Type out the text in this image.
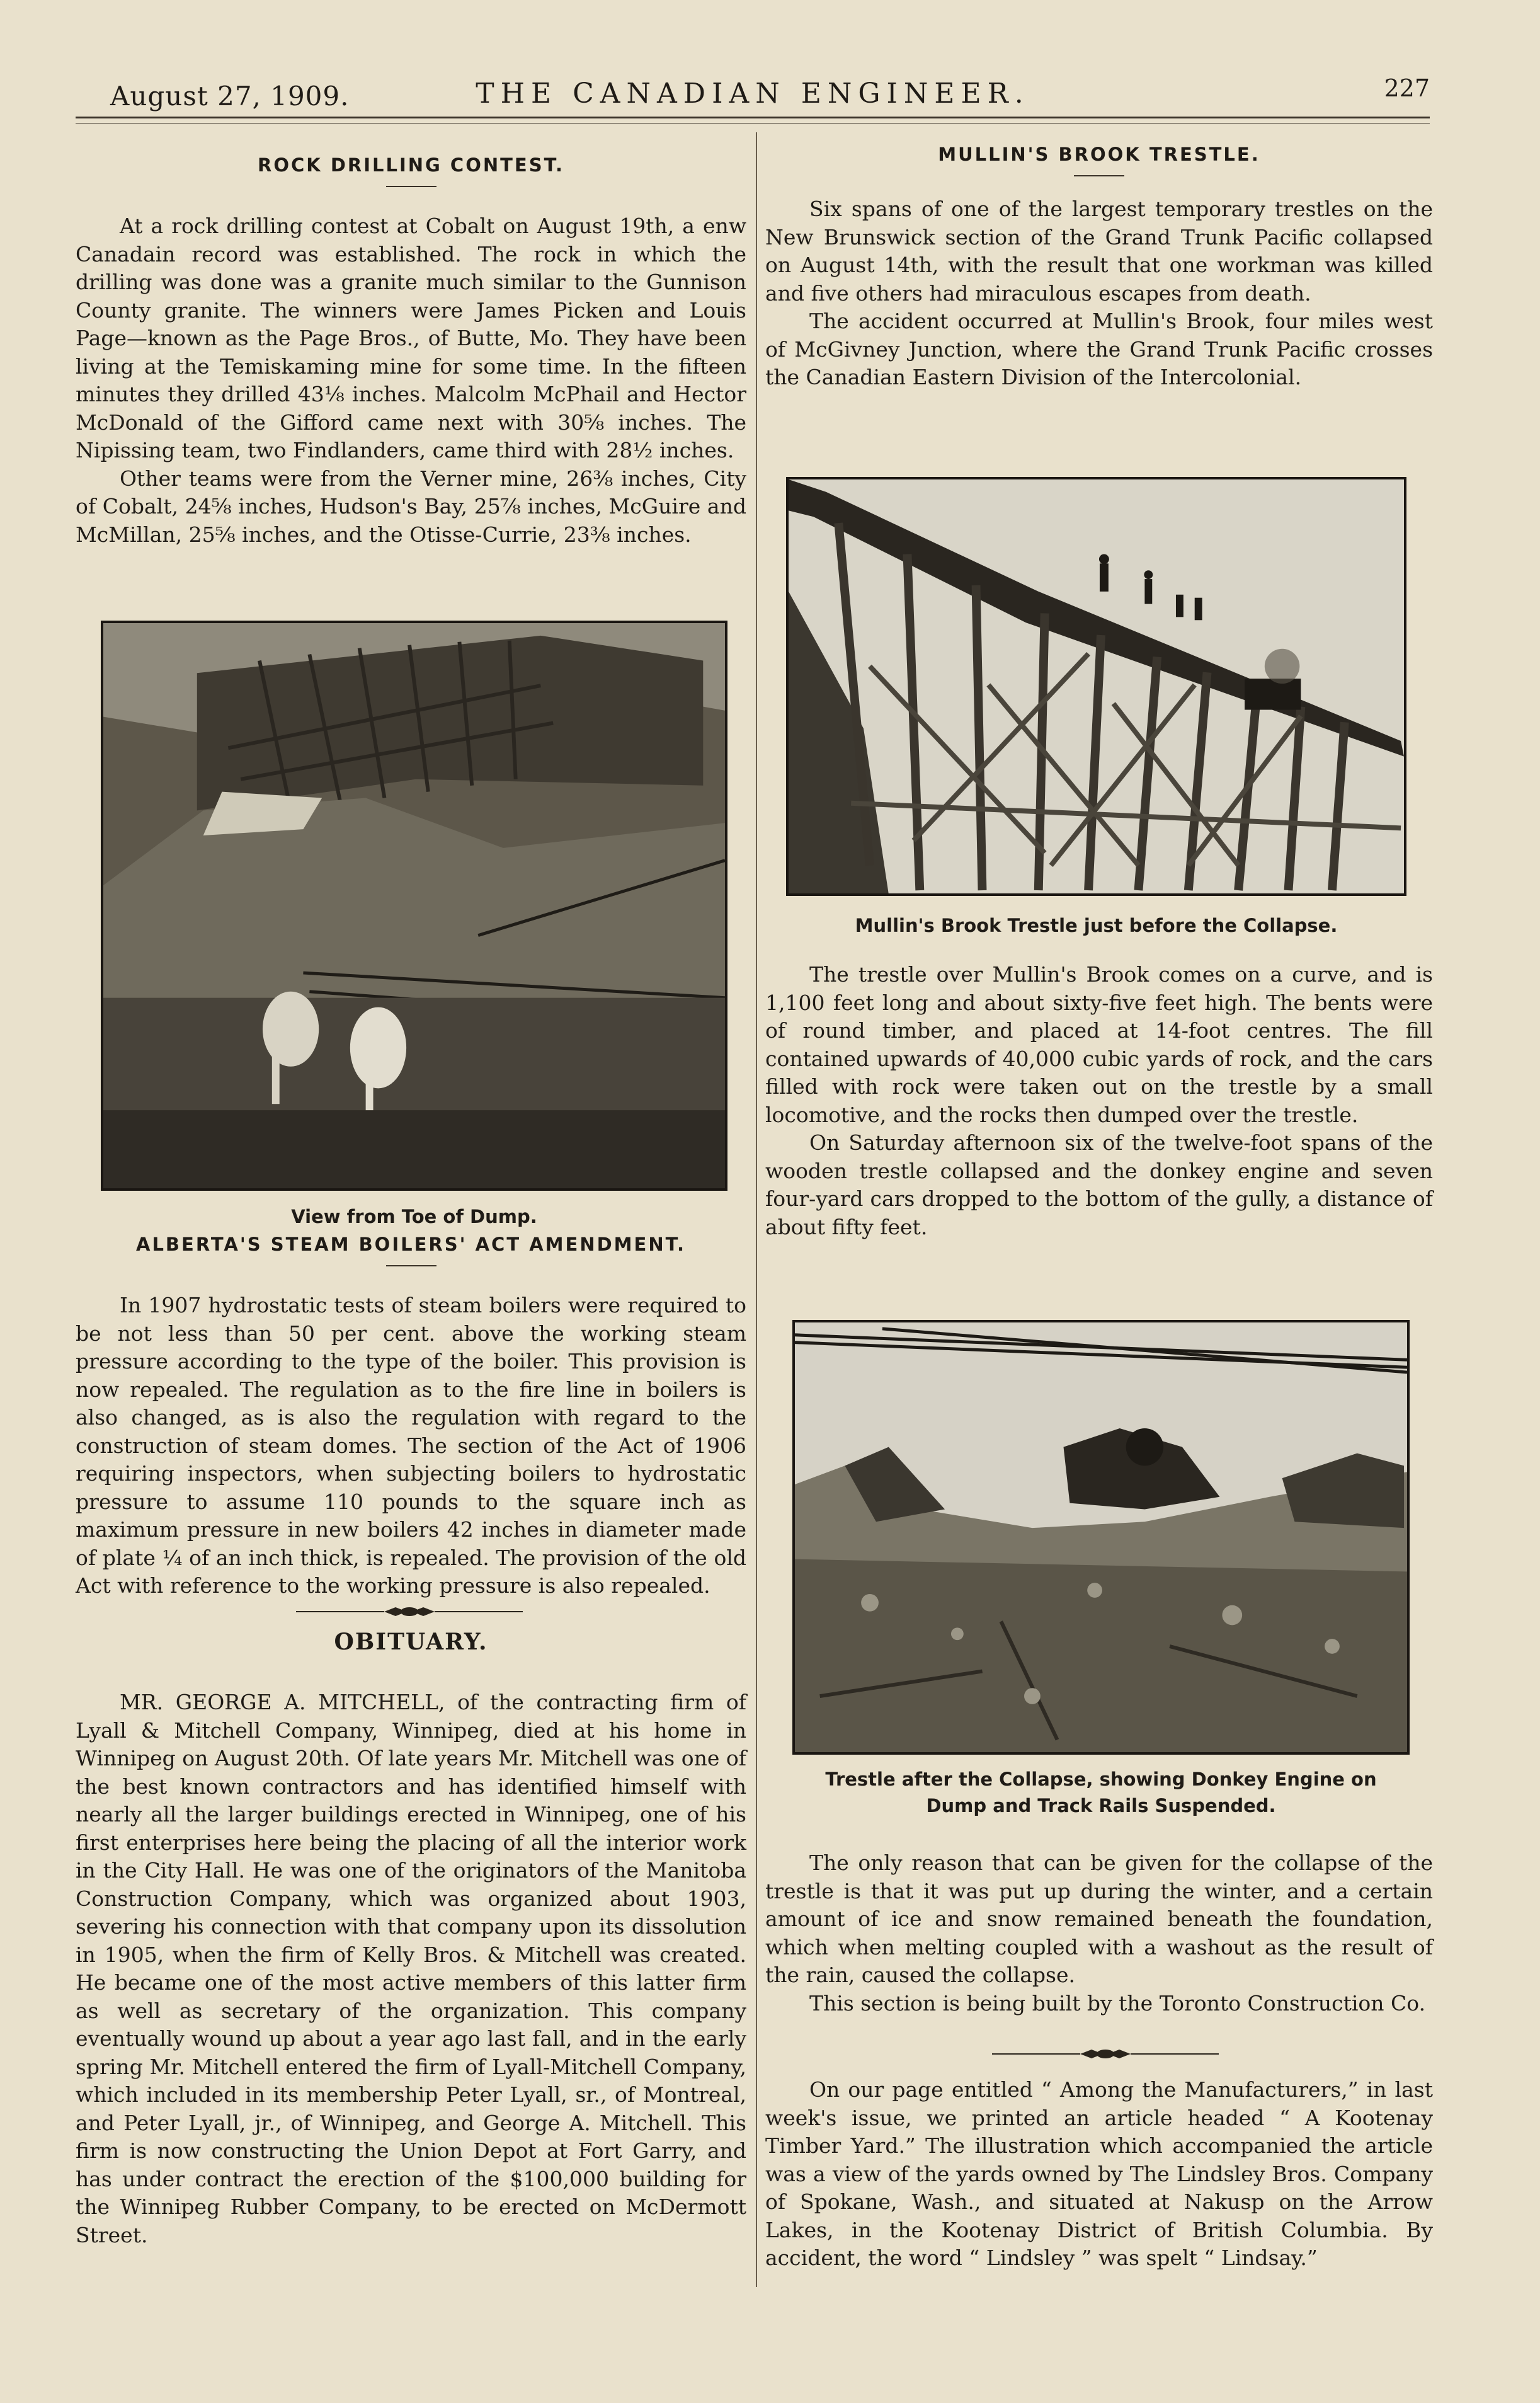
August 27, 1909.	THE CANADIAN ENGINEER.	227
ROCK DRILLING CONTEST.

At a rock drilling contest at Cobalt on August 19th, a enw Canadain record was established. The rock in which the drilling was done was a granite much similar to the Gunnison County granite. The winners were James Picken and Louis Page—known as the Page Bros., of Butte, Mo. They have been living at the Temiskaming mine for some time. In the fifteen minutes they drilled 43⅛ inches. Malcolm McPhail and Hector McDonald of the Gifford came next with 30⅝ inches. The Nipissing team, two Findlanders, came third with 28½ inches.

Other teams were from the Verner mine, 26⅜ inches, City of Cobalt, 24⅝ inches, Hudson's Bay, 25⅞ inches, McGuire and McMillan, 25⅝ inches, and the Otisse-Currie, 23⅜ inches.

View from Toe of Dump.
ALBERTA'S STEAM BOILERS' ACT AMENDMENT.

In 1907 hydrostatic tests of steam boilers were required to be not less than 50 per cent. above the working steam pressure according to the type of the boiler. This provision is now repealed. The regulation as to the fire line in boilers is also changed, as is also the regulation with regard to the construction of steam domes. The section of the Act of 1906 requiring inspectors, when subjecting boilers to hydrostatic pressure to assume 110 pounds to the square inch as maximum pressure in new boilers 42 inches in diameter made of plate ¼ of an inch thick, is repealed. The provision of the old Act with reference to the working pressure is also repealed.

OBITUARY.

MR. GEORGE A. MITCHELL, of the contracting firm of Lyall & Mitchell Company, Winnipeg, died at his home in Winnipeg on August 20th. Of late years Mr. Mitchell was one of the best known contractors and has identified himself with nearly all the larger buildings erected in Winnipeg, one of his first enterprises here being the placing of all the interior work in the City Hall. He was one of the originators of the Manitoba Construction Company, which was organized about 1903, severing his connection with that company upon its dissolution in 1905, when the firm of Kelly Bros. & Mitchell was created. He became one of the most active members of this latter firm as well as secretary of the organization. This company eventually wound up about a year ago last fall, and in the early spring Mr. Mitchell entered the firm of Lyall-Mitchell Company, which included in its membership Peter Lyall, sr., of Montreal, and Peter Lyall, jr., of Winnipeg, and George A. Mitchell. This firm is now constructing the Union Depot at Fort Garry, and has under contract the erection of the $100,000 building for the Winnipeg Rubber Company, to be erected on McDermott Street.

MULLIN'S BROOK TRESTLE.

Six spans of one of the largest temporary trestles on the New Brunswick section of the Grand Trunk Pacific collapsed on August 14th, with the result that one workman was killed and five others had miraculous escapes from death.

The accident occurred at Mullin's Brook, four miles west of McGivney Junction, where the Grand Trunk Pacific crosses the Canadian Eastern Division of the Intercolonial.

Mullin's Brook Trestle just before the Collapse.

The trestle over Mullin's Brook comes on a curve, and is 1,100 feet long and about sixty-five feet high. The bents were of round timber, and placed at 14-foot centres. The fill contained upwards of 40,000 cubic yards of rock, and the cars filled with rock were taken out on the trestle by a small locomotive, and the rocks then dumped over the trestle.

On Saturday afternoon six of the twelve-foot spans of the wooden trestle collapsed and the donkey engine and seven four-yard cars dropped to the bottom of the gully, a distance of about fifty feet.

Trestle after the Collapse, showing Donkey Engine on
Dump and Track Rails Suspended.

The only reason that can be given for the collapse of the trestle is that it was put up during the winter, and a certain amount of ice and snow remained beneath the foundation, which when melting coupled with a washout as the result of the rain, caused the collapse.

This section is being built by the Toronto Construction Co.

On our page entitled “ Among the Manufacturers,” in last week's issue, we printed an article headed “ A Kootenay Timber Yard.” The illustration which accompanied the article was a view of the yards owned by The Lindsley Bros. Company of Spokane, Wash., and situated at Nakusp on the Arrow Lakes, in the Kootenay District of British Columbia. By accident, the word “ Lindsley ” was spelt “ Lindsay.”
